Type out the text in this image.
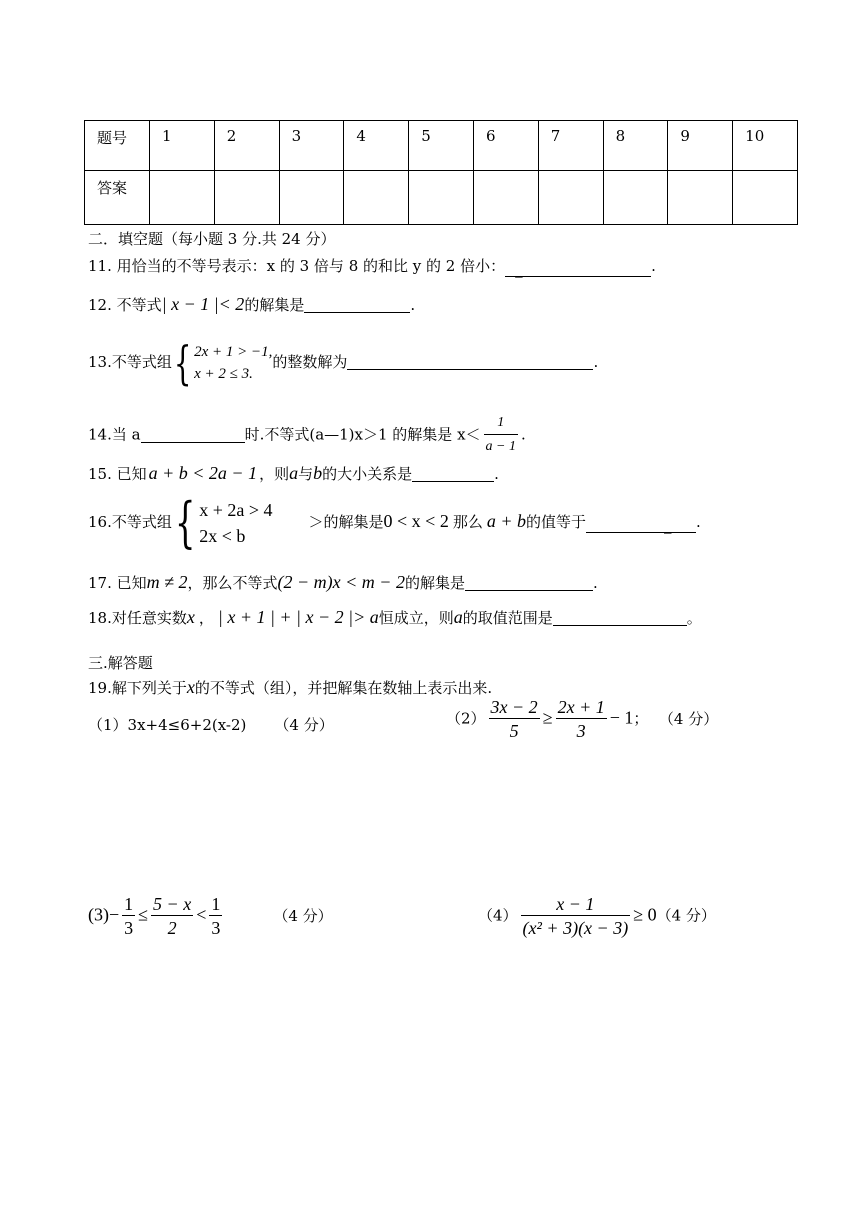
题号	1	2	3	4	5	6	7	8	9	10
答案										
二．填空题（每小题 3 分.共 24 分）
11. 用恰当的不等号表示：x 的 3 倍与 8 的和比 y 的 2 倍小： _	.
12. 不等式| x − 1 |< 2的解集是	.
13.不等式组{ 2x + 1 > −1,
x + 2 ≤ 3.
的整数解为	.
14.当 a	时.不等式(a—1)x＞1 的解集是 $x< \frac{1}{a - 1}$ .
15. 已知 a + b < 2a − 1 ，则a与b的大小关系是	.
16.不等式组{ x + 2a > 4
2x < b
＞的解集是0 < x < 2 那么 a + b的值等于	_ .
17. 已知m ≠ 2，那么不等式(2 − m)x < m − 2的解集是	.
18.对任意实数x ， | x + 1 | + | x − 2 |> a恒成立，则a的取值范围是	。
三.解答题
19.解下列关于x的不等式（组），并把解集在数轴上表示出来.
（1）3x+4≤6+2(x-2) （4 分）	$(2) \frac{3x - 2}{5} \ge \frac{2x + 1}{3} - 1$； （4 分）
$(3)- \frac{1}{3} \le \frac{5 - x}{2} < \frac{1}{3}$	（4 分）	$(4) \frac{x - 1}{\text{(x² + 3)(x − 3)}} \ge 0(4$ 分）
